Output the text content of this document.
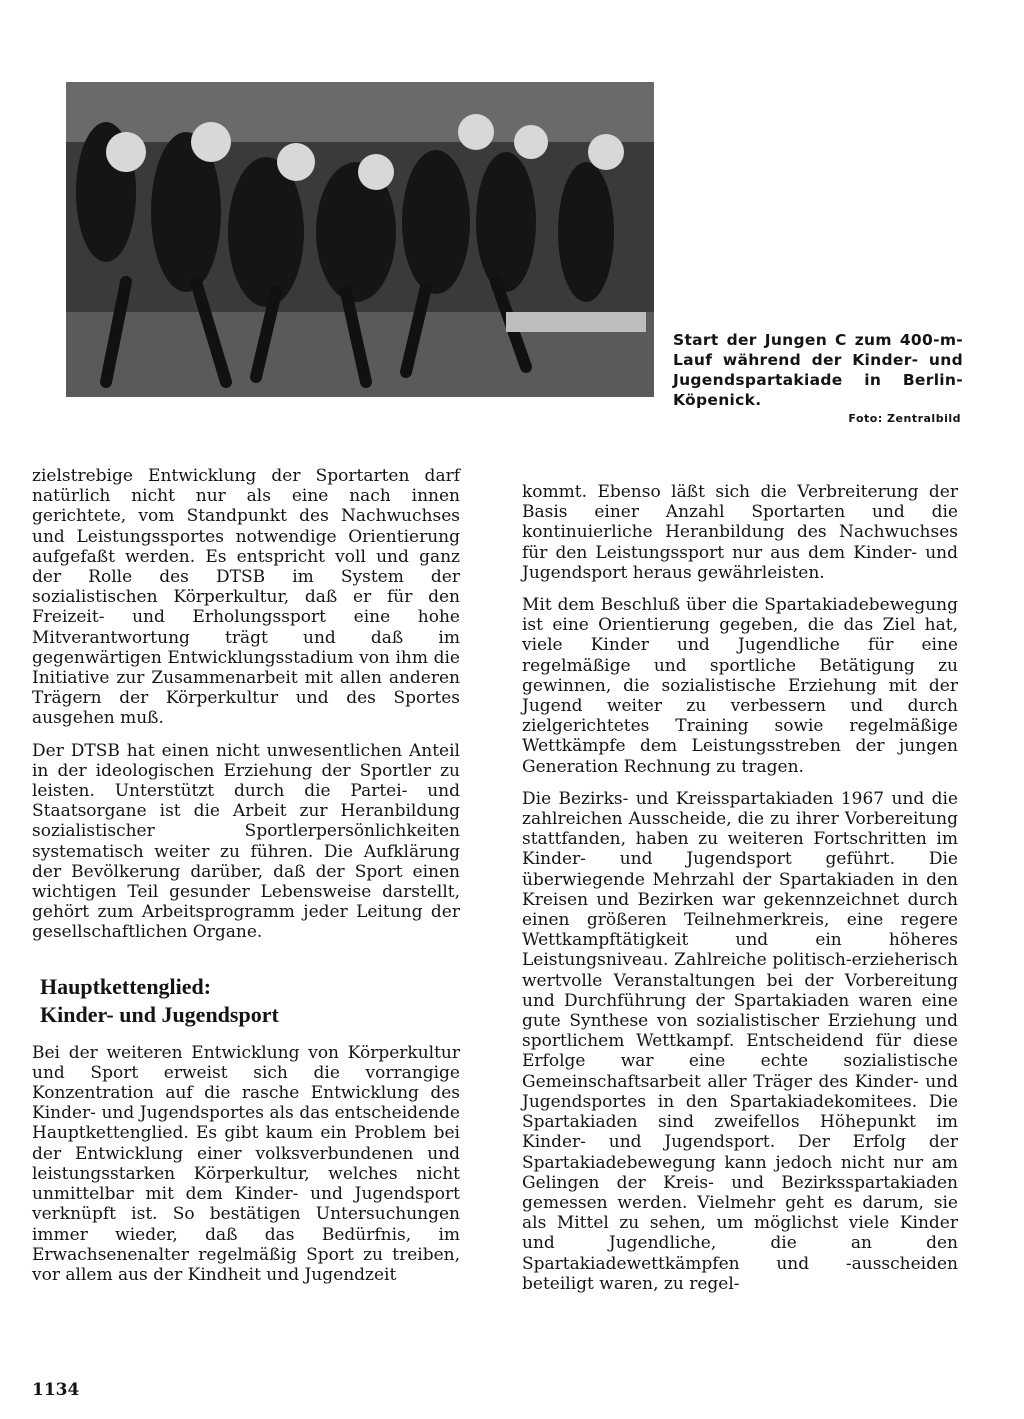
Start der Jungen C zum 400-m-Lauf während der Kinder- und Jugendspartakiade in Berlin-Köpenick.
Foto: Zentralbild

zielstrebige Entwicklung der Sportarten darf natürlich nicht nur als eine nach innen gerichtete, vom Standpunkt des Nachwuchses und Leistungssportes notwendige Orientierung aufgefaßt werden. Es entspricht voll und ganz der Rolle des DTSB im System der sozialistischen Körperkultur, daß er für den Freizeit- und Erholungssport eine hohe Mitverantwortung trägt und daß im gegenwärtigen Entwicklungsstadium von ihm die Initiative zur Zusammenarbeit mit allen anderen Trägern der Körperkultur und des Sportes ausgehen muß.

Der DTSB hat einen nicht unwesentlichen Anteil in der ideologischen Erziehung der Sportler zu leisten. Unterstützt durch die Partei- und Staatsorgane ist die Arbeit zur Heranbildung sozialistischer Sportlerpersönlichkeiten systematisch weiter zu führen. Die Aufklärung der Bevölkerung darüber, daß der Sport einen wichtigen Teil gesunder Lebensweise darstellt, gehört zum Arbeitsprogramm jeder Leitung der gesellschaftlichen Organe.

Hauptkettenglied:
Kinder- und Jugendsport

Bei der weiteren Entwicklung von Körperkultur und Sport erweist sich die vorrangige Konzentration auf die rasche Entwicklung des Kinder- und Jugendsportes als das entscheidende Hauptkettenglied. Es gibt kaum ein Problem bei der Entwicklung einer volksverbundenen und leistungsstarken Körperkultur, welches nicht unmittelbar mit dem Kinder- und Jugendsport verknüpft ist. So bestätigen Untersuchungen immer wieder, daß das Bedürfnis, im Erwachsenenalter regelmäßig Sport zu treiben, vor allem aus der Kindheit und Jugendzeit

kommt. Ebenso läßt sich die Verbreiterung der Basis einer Anzahl Sportarten und die kontinuierliche Heranbildung des Nachwuchses für den Leistungssport nur aus dem Kinder- und Jugendsport heraus gewährleisten.

Mit dem Beschluß über die Spartakiadebewegung ist eine Orientierung gegeben, die das Ziel hat, viele Kinder und Jugendliche für eine regelmäßige und sportliche Betätigung zu gewinnen, die sozialistische Erziehung mit der Jugend weiter zu verbessern und durch zielgerichtetes Training sowie regelmäßige Wettkämpfe dem Leistungsstreben der jungen Generation Rechnung zu tragen.

Die Bezirks- und Kreisspartakiaden 1967 und die zahlreichen Ausscheide, die zu ihrer Vorbereitung stattfanden, haben zu weiteren Fortschritten im Kinder- und Jugendsport geführt. Die überwiegende Mehrzahl der Spartakiaden in den Kreisen und Bezirken war gekennzeichnet durch einen größeren Teilnehmerkreis, eine regere Wettkampftätigkeit und ein höheres Leistungsniveau. Zahlreiche politisch-erzieherisch wertvolle Veranstaltungen bei der Vorbereitung und Durchführung der Spartakiaden waren eine gute Synthese von sozialistischer Erziehung und sportlichem Wettkampf. Entscheidend für diese Erfolge war eine echte sozialistische Gemeinschaftsarbeit aller Träger des Kinder- und Jugendsportes in den Spartakiadekomitees. Die Spartakiaden sind zweifellos Höhepunkt im Kinder- und Jugendsport. Der Erfolg der Spartakiadebewegung kann jedoch nicht nur am Gelingen der Kreis- und Bezirksspartakiaden gemessen werden. Vielmehr geht es darum, sie als Mittel zu sehen, um möglichst viele Kinder und Jugendliche, die an den Spartakiadewettkämpfen und -ausscheiden beteiligt waren, zu regel-

1134
